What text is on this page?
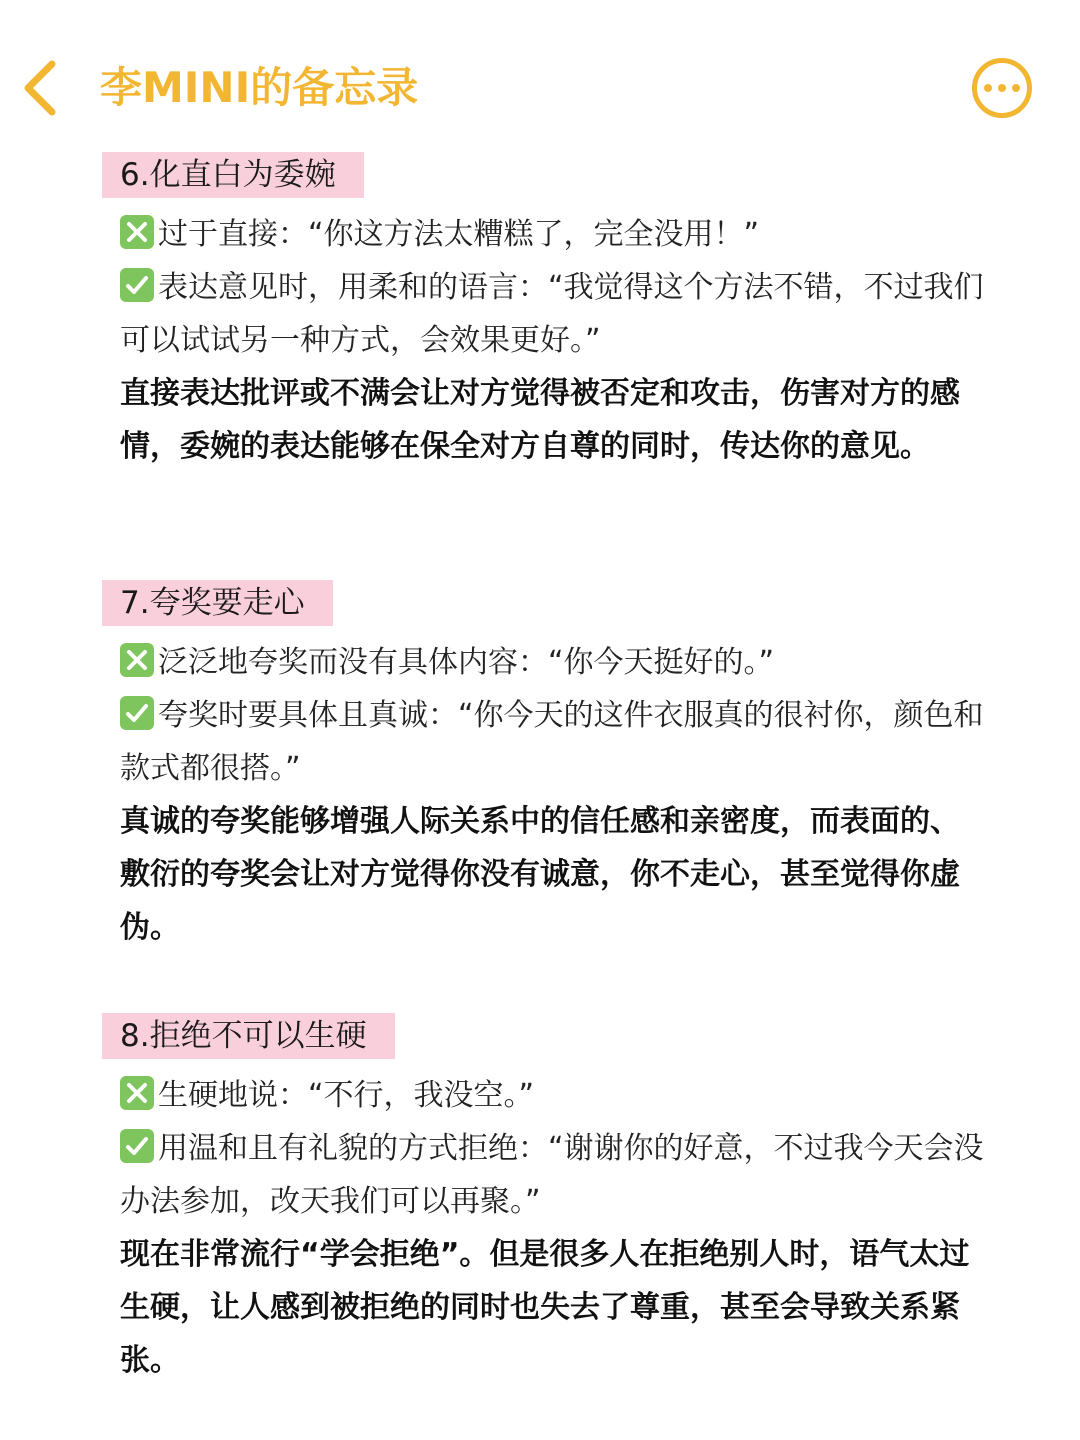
李MINI的备忘录
6.化直白为委婉
过于直接：“你这方法太糟糕了，完全没用！”
表达意见时，用柔和的语言：“我觉得这个方法不错，不过我们可以试试另一种方式，会效果更好。”
直接表达批评或不满会让对方觉得被否定和攻击，伤害对方的感情，委婉的表达能够在保全对方自尊的同时，传达你的意见。
7.夸奖要走心
泛泛地夸奖而没有具体内容：“你今天挺好的。”
夸奖时要具体且真诚：“你今天的这件衣服真的很衬你，颜色和款式都很搭。”
真诚的夸奖能够增强人际关系中的信任感和亲密度，而表面的、敷衍的夸奖会让对方觉得你没有诚意，你不走心，甚至觉得你虚伪。
8.拒绝不可以生硬
生硬地说：“不行，我没空。”
用温和且有礼貌的方式拒绝：“谢谢你的好意，不过我今天会没办法参加，改天我们可以再聚。”
现在非常流行“学会拒绝”。但是很多人在拒绝别人时，语气太过生硬，让人感到被拒绝的同时也失去了尊重，甚至会导致关系紧张。
